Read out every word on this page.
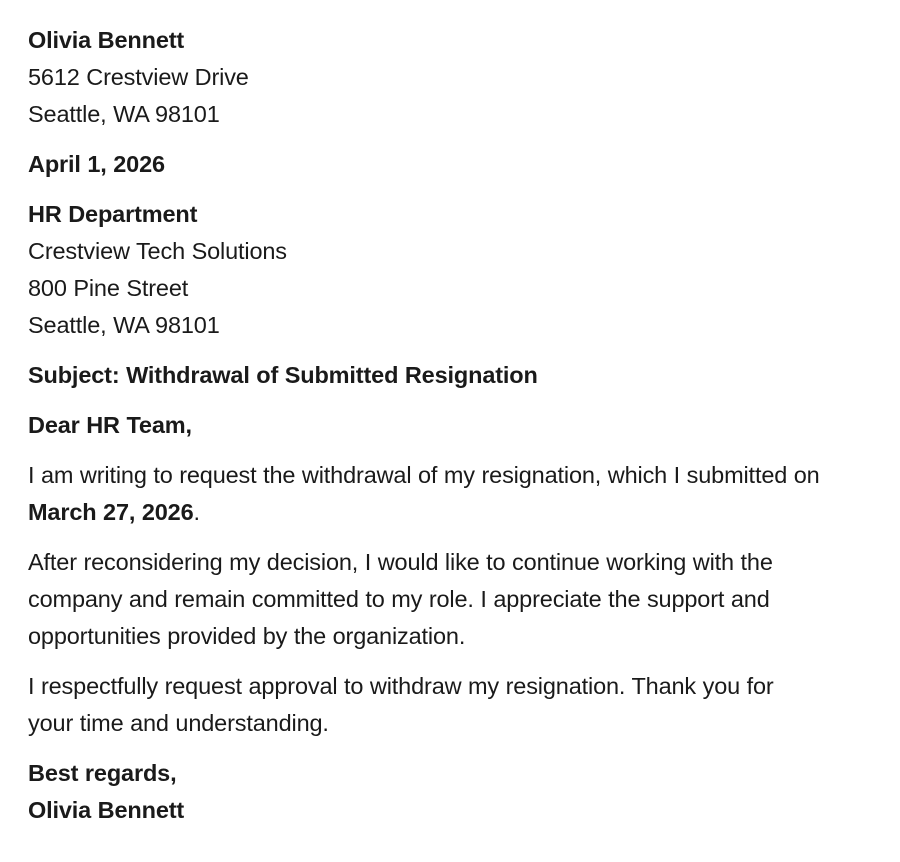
Olivia Bennett
5612 Crestview Drive
Seattle, WA 98101
April 1, 2026
HR Department
Crestview Tech Solutions
800 Pine Street
Seattle, WA 98101
Subject: Withdrawal of Submitted Resignation
Dear HR Team,
I am writing to request the withdrawal of my resignation, which I submitted on March 27, 2026.
After reconsidering my decision, I would like to continue working with the company and remain committed to my role. I appreciate the support and opportunities provided by the organization.
I respectfully request approval to withdraw my resignation. Thank you for your time and understanding.
Best regards,
Olivia Bennett
